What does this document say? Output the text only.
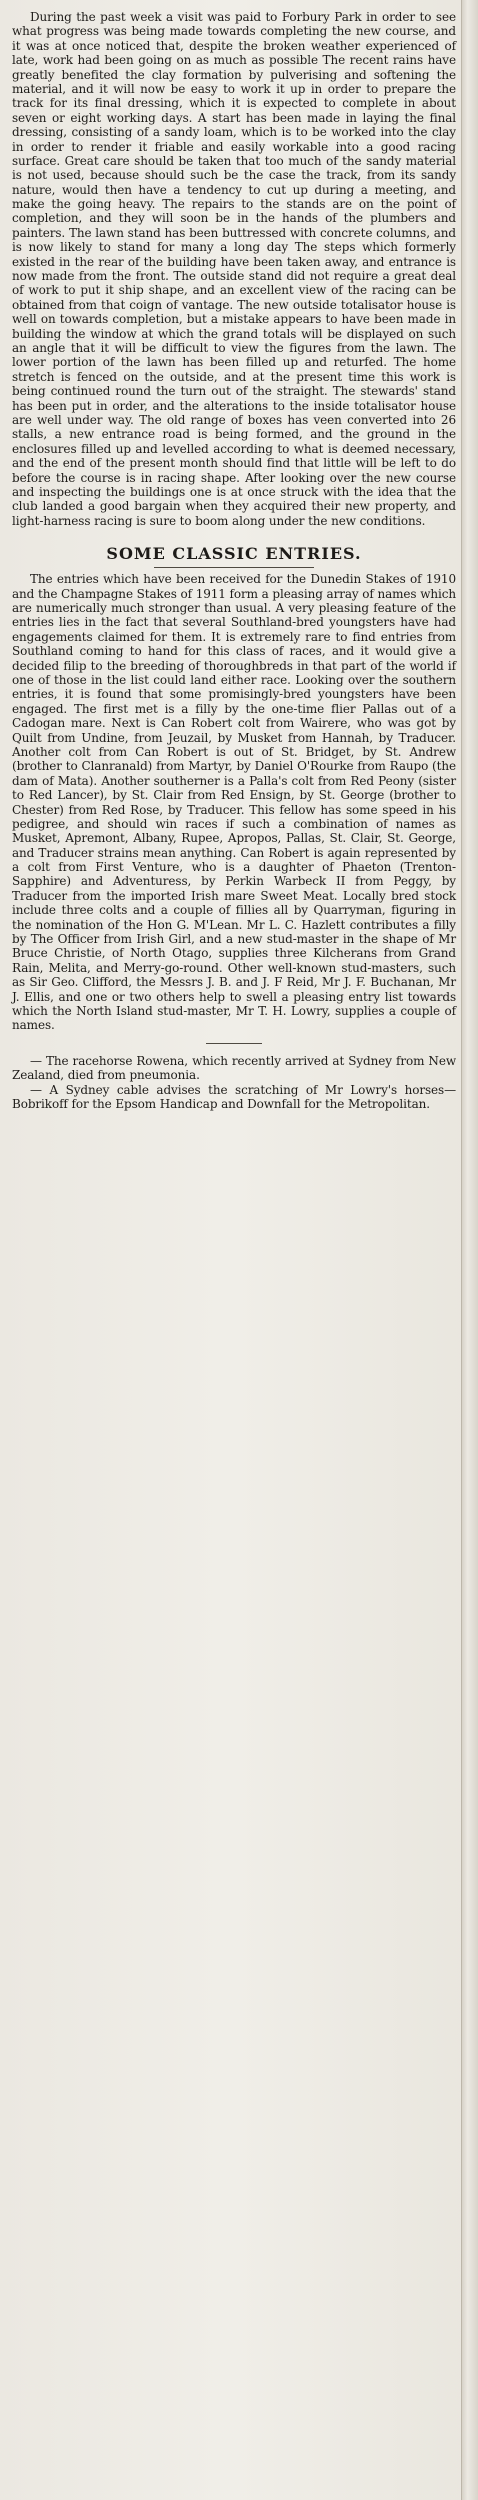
During the past week a visit was paid to Forbury Park in order to see what progress was being made towards completing the new course, and it was at once noticed that, despite the broken weather experienced of late, work had been going on as much as possible The recent rains have greatly benefited the clay formation by pulverising and softening the material, and it will now be easy to work it up in order to prepare the track for its final dressing, which it is expected to complete in about seven or eight working days. A start has been made in laying the final dressing, consisting of a sandy loam, which is to be worked into the clay in order to render it friable and easily workable into a good racing surface. Great care should be taken that too much of the sandy material is not used, because should such be the case the track, from its sandy nature, would then have a tendency to cut up during a meeting, and make the going heavy. The repairs to the stands are on the point of completion, and they will soon be in the hands of the plumbers and painters. The lawn stand has been buttressed with concrete columns, and is now likely to stand for many a long day The steps which formerly existed in the rear of the building have been taken away, and entrance is now made from the front. The outside stand did not require a great deal of work to put it ship shape, and an excellent view of the racing can be obtained from that coign of vantage. The new outside totalisator house is well on towards completion, but a mistake appears to have been made in building the window at which the grand totals will be displayed on such an angle that it will be difficult to view the figures from the lawn. The lower portion of the lawn has been filled up and returfed. The home stretch is fenced on the outside, and at the present time this work is being continued round the turn out of the straight. The stewards' stand has been put in order, and the alterations to the inside totalisator house are well under way. The old range of boxes has veen converted into 26 stalls, a new entrance road is being formed, and the ground in the enclosures filled up and levelled according to what is deemed necessary, and the end of the present month should find that little will be left to do before the course is in racing shape. After looking over the new course and inspecting the buildings one is at once struck with the idea that the club landed a good bargain when they acquired their new property, and light-harness racing is sure to boom along under the new conditions.

SOME CLASSIC ENTRIES.

The entries which have been received for the Dunedin Stakes of 1910 and the Champagne Stakes of 1911 form a pleasing array of names which are numerically much stronger than usual. A very pleasing feature of the entries lies in the fact that several Southland-bred youngsters have had engagements claimed for them. It is extremely rare to find entries from Southland coming to hand for this class of races, and it would give a decided filip to the breeding of thoroughbreds in that part of the world if one of those in the list could land either race. Looking over the southern entries, it is found that some promisingly-bred youngsters have been engaged. The first met is a filly by the one-time flier Pallas out of a Cadogan mare. Next is Can Robert colt from Wairere, who was got by Quilt from Undine, from Jeuzail, by Musket from Hannah, by Traducer. Another colt from Can Robert is out of St. Bridget, by St. Andrew (brother to Clanranald) from Martyr, by Daniel O'Rourke from Raupo (the dam of Mata). Another southerner is a Palla's colt from Red Peony (sister to Red Lancer), by St. Clair from Red Ensign, by St. George (brother to Chester) from Red Rose, by Traducer. This fellow has some speed in his pedigree, and should win races if such a combination of names as Musket, Apremont, Albany, Rupee, Apropos, Pallas, St. Clair, St. George, and Traducer strains mean anything. Can Robert is again represented by a colt from First Venture, who is a daughter of Phaeton (Trenton-Sapphire) and Adventuress, by Perkin Warbeck II from Peggy, by Traducer from the imported Irish mare Sweet Meat. Locally bred stock include three colts and a couple of fillies all by Quarryman, figuring in the nomination of the Hon G. M'Lean. Mr L. C. Hazlett contributes a filly by The Officer from Irish Girl, and a new stud-master in the shape of Mr Bruce Christie, of North Otago, supplies three Kilcherans from Grand Rain, Melita, and Merry-go-round. Other well-known stud-masters, such as Sir Geo. Clifford, the Messrs J. B. and J. F Reid, Mr J. F. Buchanan, Mr J. Ellis, and one or two others help to swell a pleasing entry list towards which the North Island stud-master, Mr T. H. Lowry, supplies a couple of names.

— The racehorse Rowena, which recently arrived at Sydney from New Zealand, died from pneumonia.

— A Sydney cable advises the scratching of Mr Lowry's horses—Bobrikoff for the Epsom Handicap and Downfall for the Metropolitan.
